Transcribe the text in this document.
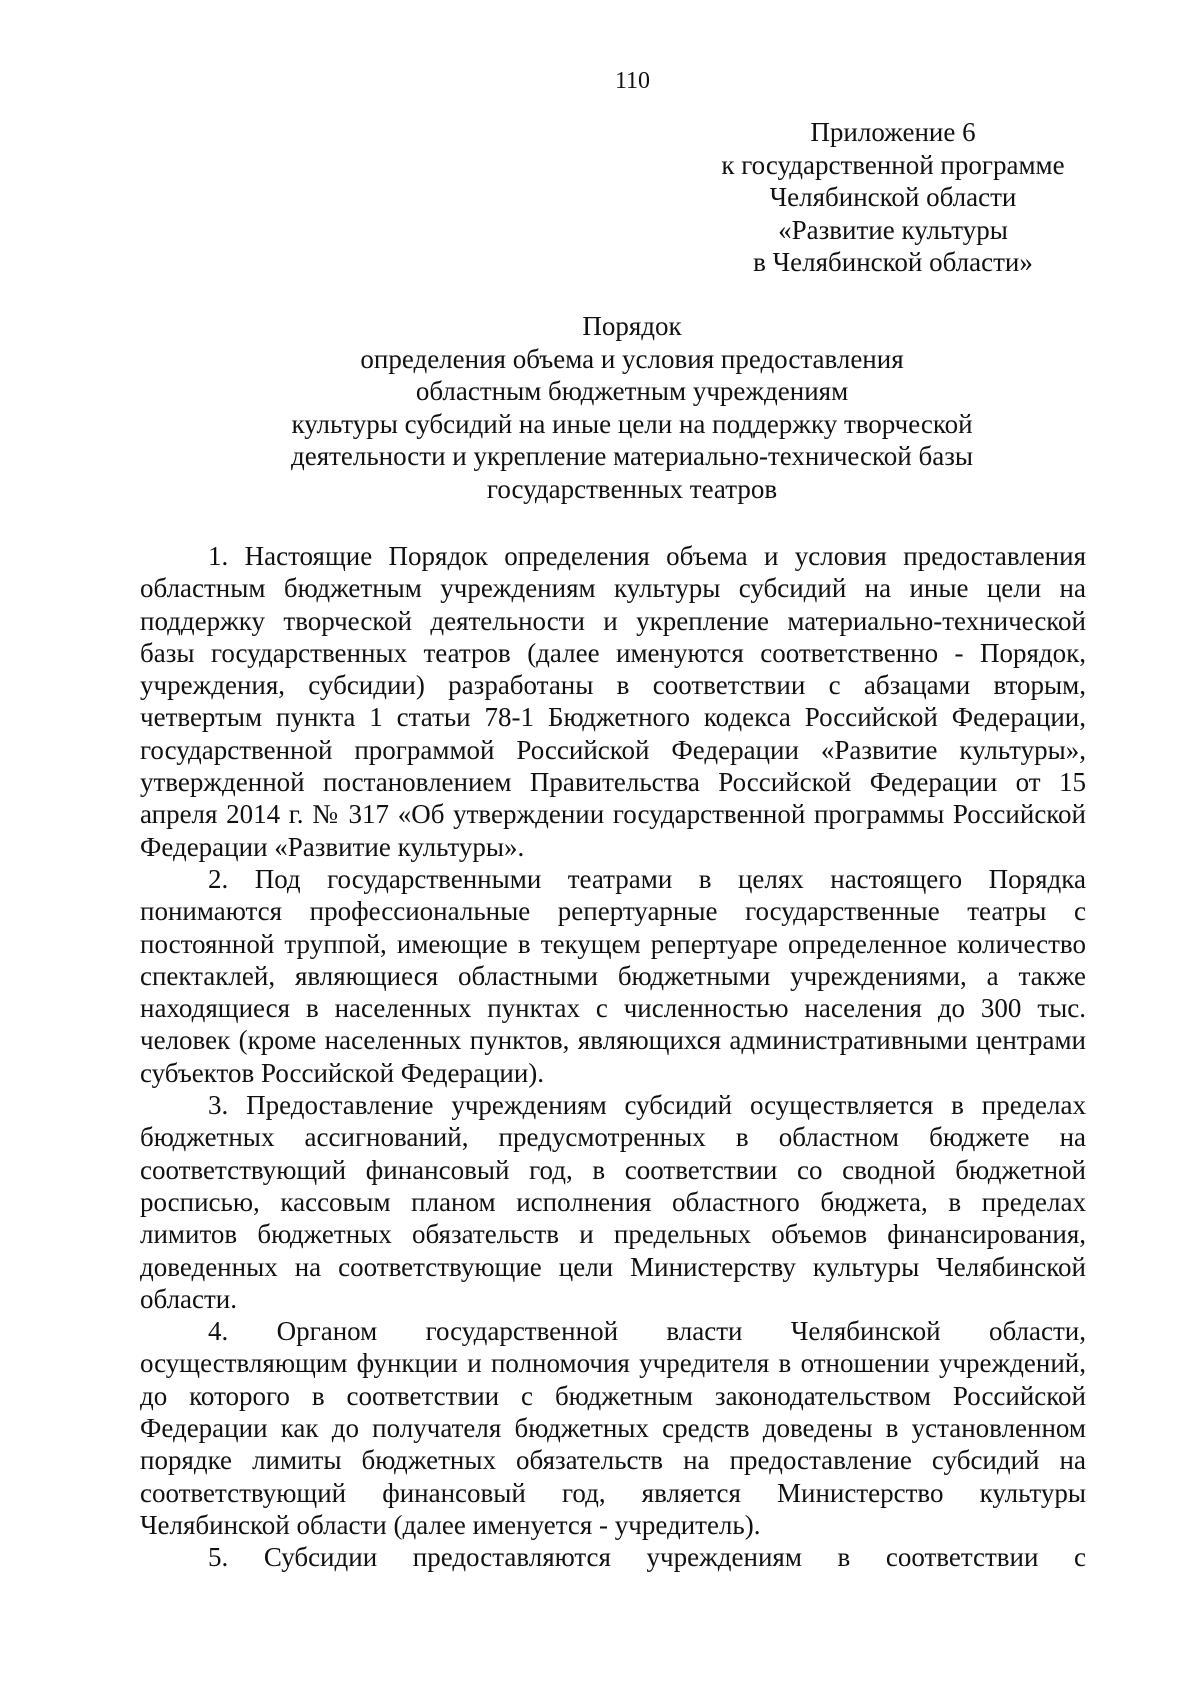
110
Приложение 6
к государственной программе
Челябинской области
«Развитие культуры
в Челябинской области»
Порядок
определения объема и условия предоставления
областным бюджетным учреждениям
культуры субсидий на иные цели на поддержку творческой
деятельности и укрепление материально-технической базы
государственных театров

1. Настоящие Порядок определения объема и условия предоставления областным бюджетным учреждениям культуры субсидий на иные цели на поддержку творческой деятельности и укрепление материально-технической базы государственных театров (далее именуются соответственно - Порядок, учреждения, субсидии) разработаны в соответствии с абзацами вторым, четвертым пункта 1 статьи 78-1 Бюджетного кодекса Российской Федерации, государственной программой Российской Федерации «Развитие культуры», утвержденной постановлением Правительства Российской Федерации от 15 апреля 2014 г. № 317 «Об утверждении государственной программы Российской Федерации «Развитие культуры».

2. Под государственными театрами в целях настоящего Порядка понимаются профессиональные репертуарные государственные театры с постоянной труппой, имеющие в текущем репертуаре определенное количество спектаклей, являющиеся областными бюджетными учреждениями, а также находящиеся в населенных пунктах с численностью населения до 300 тыс. человек (кроме населенных пунктов, являющихся административными центрами субъектов Российской Федерации).

3. Предоставление учреждениям субсидий осуществляется в пределах бюджетных ассигнований, предусмотренных в областном бюджете на соответствующий финансовый год, в соответствии со сводной бюджетной росписью, кассовым планом исполнения областного бюджета, в пределах лимитов бюджетных обязательств и предельных объемов финансирования, доведенных на соответствующие цели Министерству культуры Челябинской области.

4. Органом государственной власти Челябинской области, осуществляющим функции и полномочия учредителя в отношении учреждений, до которого в соответствии с бюджетным законодательством Российской Федерации как до получателя бюджетных средств доведены в установленном порядке лимиты бюджетных обязательств на предоставление субсидий на соответствующий финансовый год, является Министерство культуры Челябинской области (далее именуется - учредитель).

5. Субсидии предоставляются учреждениям в соответствии с
